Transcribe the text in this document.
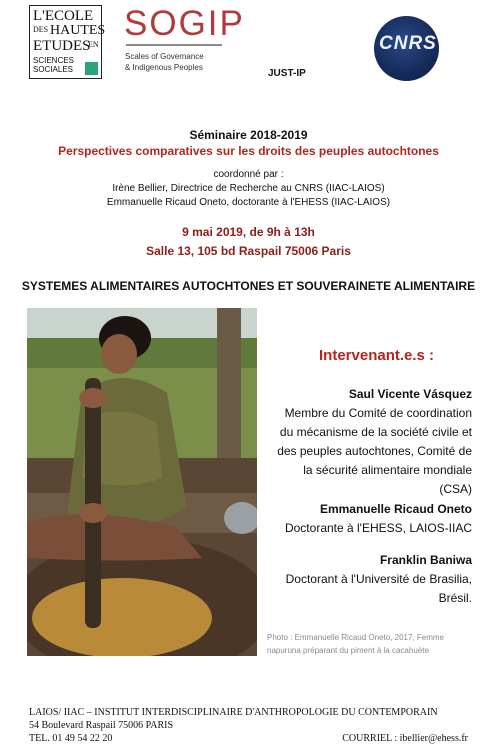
L'ECOLE
DES HAUTES
ETUDES
EN
SCIENCES
SOCIALES
SOGIP
Scales of Governance
& Indigenous Peoples
CNRS
JUST-IP
Séminaire 2018-2019
Perspectives comparatives sur les droits des peuples autochtones
coordonné par :
Irène Bellier, Directrice de Recherche au CNRS (IIAC-LAIOS)
Emmanuelle Ricaud Oneto, doctorante à l'EHESS (IIAC-LAIOS)
9 mai 2019, de 9h à 13h
Salle 13, 105 bd Raspail 75006 Paris
SYSTEMES ALIMENTAIRES AUTOCHTONES ET SOUVERAINETE ALIMENTAIRE
Intervenant.e.s :
Saul Vicente Vásquez
Membre du Comité de coordination
du mécanisme de la société civile et
des peuples autochtones, Comité de
la sécurité alimentaire mondiale
(CSA)
Emmanuelle Ricaud Oneto
Doctorante à l'EHESS, LAIOS-IIAC
Franklin Baniwa
Doctorant à l'Université de Brasilia,
Brésil.
Photo : Emmanuelle Ricaud Oneto, 2017, Femme
napuruna préparant du piment à la cacahuète
LAIOS/ IIAC – INSTITUT INTERDISCIPLINAIRE D'ANTHROPOLOGIE DU CONTEMPORAIN
54 Boulevard Raspail 75006 PARIS
TEL. 01 49 54 22 20	COURRIEL : ibellier@ehess.fr
